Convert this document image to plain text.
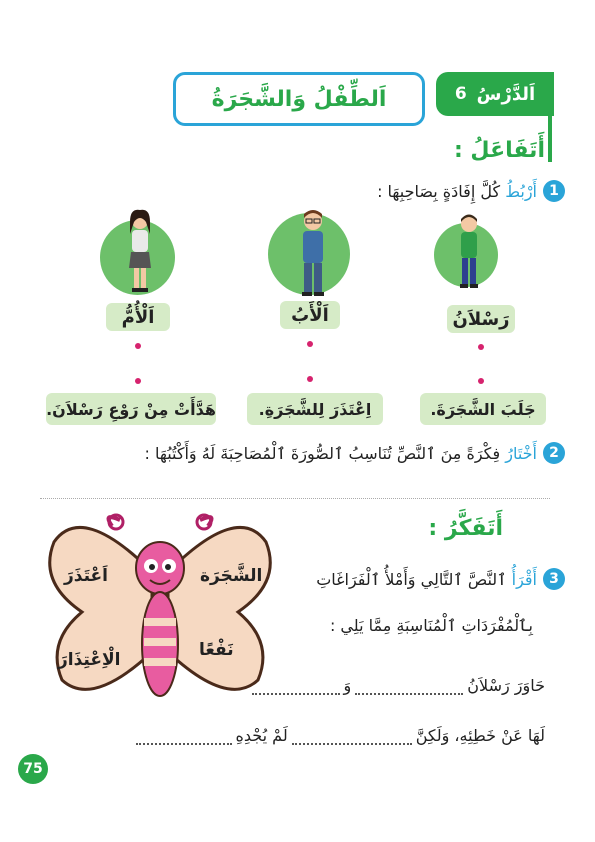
اَلطِّفْلُ وَالشَّجَرَةُ	اَلدَّرْسُ
6
أَتَفَاعَلُ :
1
أَرْبُطُ كُلَّ إِفَادَةٍ بِصَاحِبِهَا :
رَسْلاَنُ
اَلْأَبُ
اَلْأُمُّ
جَلَبَ الشَّجَرَةَ.
اِعْتَذَرَ لِلشَّجَرَةِ.
هَدَّأَتْ مِنْ رَوْعِ رَسْلاَنَ.
2
أَخْتَارُ فِكْرَةً مِنَ ٱلنَّصِّ تُنَاسِبُ ٱلصُّورَةَ ٱلْمُصَاحِبَةَ لَهُ وَأَكْتُبُهَا :
أَتَفَكَّرُ :
الشَّجَرَة
اَعْتَذَرَ
نَفْعًا
الْاِعْتِذَارَ
3
أَقْرَأُ ٱلنَّصَّ ٱلتَّالِي وَأَمْلأُ ٱلْفَرَاغَاتِ
بِٱلْمُفْرَدَاتِ ٱلْمُنَاسِبَةِ مِمَّا يَلِي :
حَاوَرَ رَسْلاَنُ
وَ
لَهَا عَنْ خَطِئِهِ، وَلَكِنَّ
لَمْ يُجْدِهِ
75
